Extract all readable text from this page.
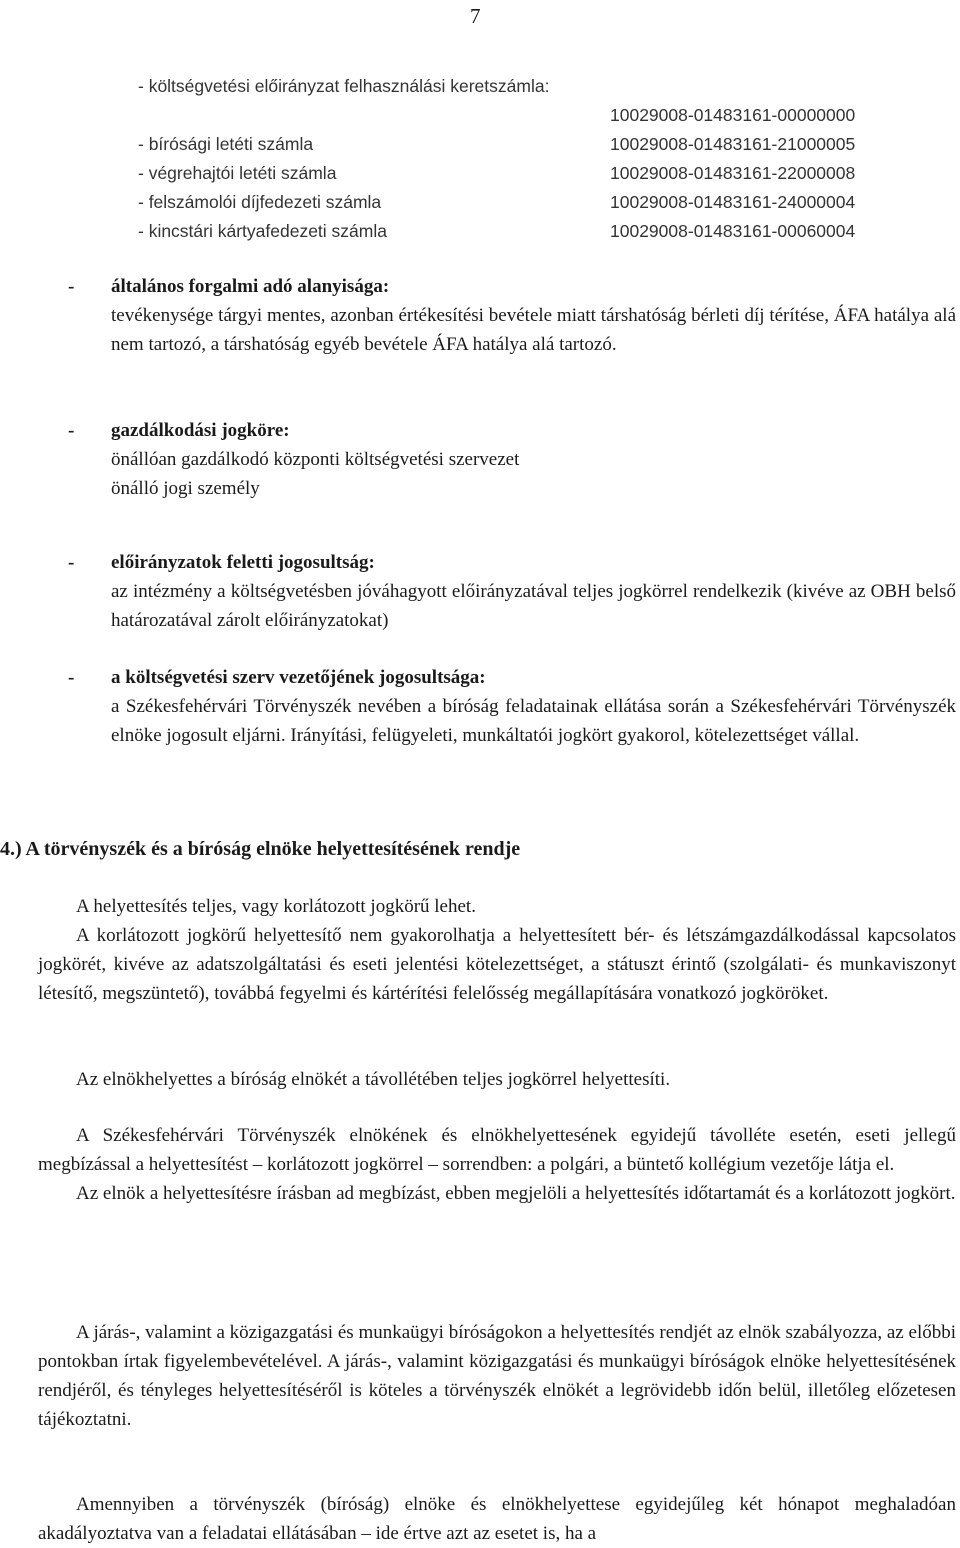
7
- költségvetési előirányzat felhasználási keretszámla:
10029008-01483161-00000000
- bírósági letéti számla	10029008-01483161-21000005
- végrehajtói letéti számla	10029008-01483161-22000008
- felszámolói díjfedezeti számla	10029008-01483161-24000004
- kincstári kártyafedezeti számla	10029008-01483161-00060004
-	általános forgalmi adó alanyisága:

tevékenysége tárgyi mentes, azonban értékesítési bevétele miatt társhatóság bérleti díj térítése, ÁFA hatálya alá nem tartozó, a társhatóság egyéb bevétele ÁFA hatálya alá tartozó.

-	gazdálkodási jogköre:

önállóan gazdálkodó központi költségvetési szervezet

önálló jogi személy

-	előirányzatok feletti jogosultság:

az intézmény a költségvetésben jóváhagyott előirányzatával teljes jogkörrel rendelkezik (kivéve az OBH belső határozatával zárolt előirányzatokat)

-	a költségvetési szerv vezetőjének jogosultsága:

a Székesfehérvári Törvényszék nevében a bíróság feladatainak ellátása során a Székesfehérvári Törvényszék elnöke jogosult eljárni. Irányítási, felügyeleti, munkáltatói jogkört gyakorol, kötelezettséget vállal.

4.) A törvényszék és a bíróság elnöke helyettesítésének rendje

A helyettesítés teljes, vagy korlátozott jogkörű lehet.

A korlátozott jogkörű helyettesítő nem gyakorolhatja a helyettesített bér- és létszámgazdálkodással kapcsolatos jogkörét, kivéve az adatszolgáltatási és eseti jelentési kötelezettséget, a státuszt érintő (szolgálati- és munkaviszonyt létesítő, megszüntető), továbbá fegyelmi és kártérítési felelősség megállapítására vonatkozó jogköröket.

Az elnökhelyettes a bíróság elnökét a távollétében teljes jogkörrel helyettesíti.

A Székesfehérvári Törvényszék elnökének és elnökhelyettesének egyidejű távolléte esetén, eseti jellegű megbízással a helyettesítést – korlátozott jogkörrel – sorrendben: a polgári, a büntető kollégium vezetője látja el.

Az elnök a helyettesítésre írásban ad megbízást, ebben megjelöli a helyettesítés időtartamát és a korlátozott jogkört.

A járás-, valamint a közigazgatási és munkaügyi bíróságokon a helyettesítés rendjét az elnök szabályozza, az előbbi pontokban írtak figyelembevételével. A járás-, valamint közigazgatási és munkaügyi bíróságok elnöke helyettesítésének rendjéről, és tényleges helyettesítéséről is köteles a törvényszék elnökét a legrövidebb időn belül, illetőleg előzetesen tájékoztatni.

Amennyiben a törvényszék (bíróság) elnöke és elnökhelyettese egyidejűleg két hónapot meghaladóan akadályoztatva van a feladatai ellátásában – ide értve azt az esetet is, ha a
